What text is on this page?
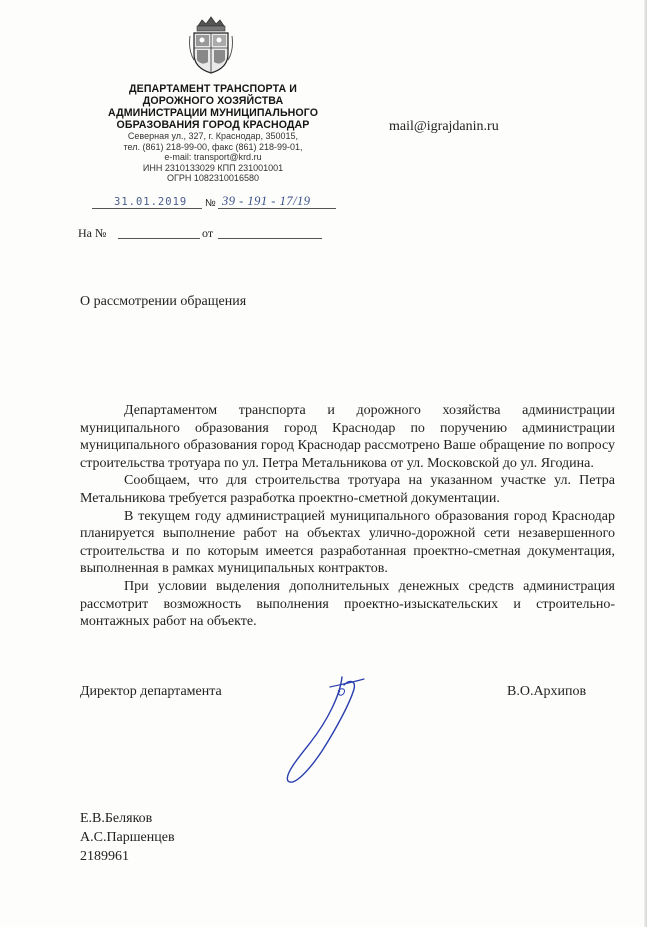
ДЕПАРТАМЕНТ ТРАНСПОРТА И
ДОРОЖНОГО ХОЗЯЙСТВА
АДМИНИСТРАЦИИ МУНИЦИПАЛЬНОГО
ОБРАЗОВАНИЯ ГОРОД КРАСНОДАР
Северная ул., 327, г. Краснодар, 350015,
тел. (861) 218-99-00, факс (861) 218-99-01,
e-mail: transport@krd.ru
ИНН 2310133029 КПП 231001001
ОГРН 1082310016580
mail@igrajdanin.ru
31.01.2019 № 39 - 191 - 17/19
На №	от
О рассмотрении обращения

Департаментом транспорта и дорожного хозяйства администрации муниципального образования город Краснодар по поручению администрации муниципального образования город Краснодар рассмотрено Ваше обращение по вопросу строительства тротуара по ул. Петра Метальникова от ул. Московской до ул. Ягодина.

Сообщаем, что для строительства тротуара на указанном участке ул. Петра Метальникова требуется разработка проектно-сметной документации.

В текущем году администрацией муниципального образования город Краснодар планируется выполнение работ на объектах улично-дорожной сети незавершенного строительства и по которым имеется разработанная проектно-сметная документация, выполненная в рамках муниципальных контрактов.

При условии выделения дополнительных денежных средств администрация рассмотрит возможность выполнения проектно-изыскательских и строительно-монтажных работ на объекте.

Директор департамента	В.О.Архипов
Е.В.Беляков
А.С.Паршенцев
2189961
